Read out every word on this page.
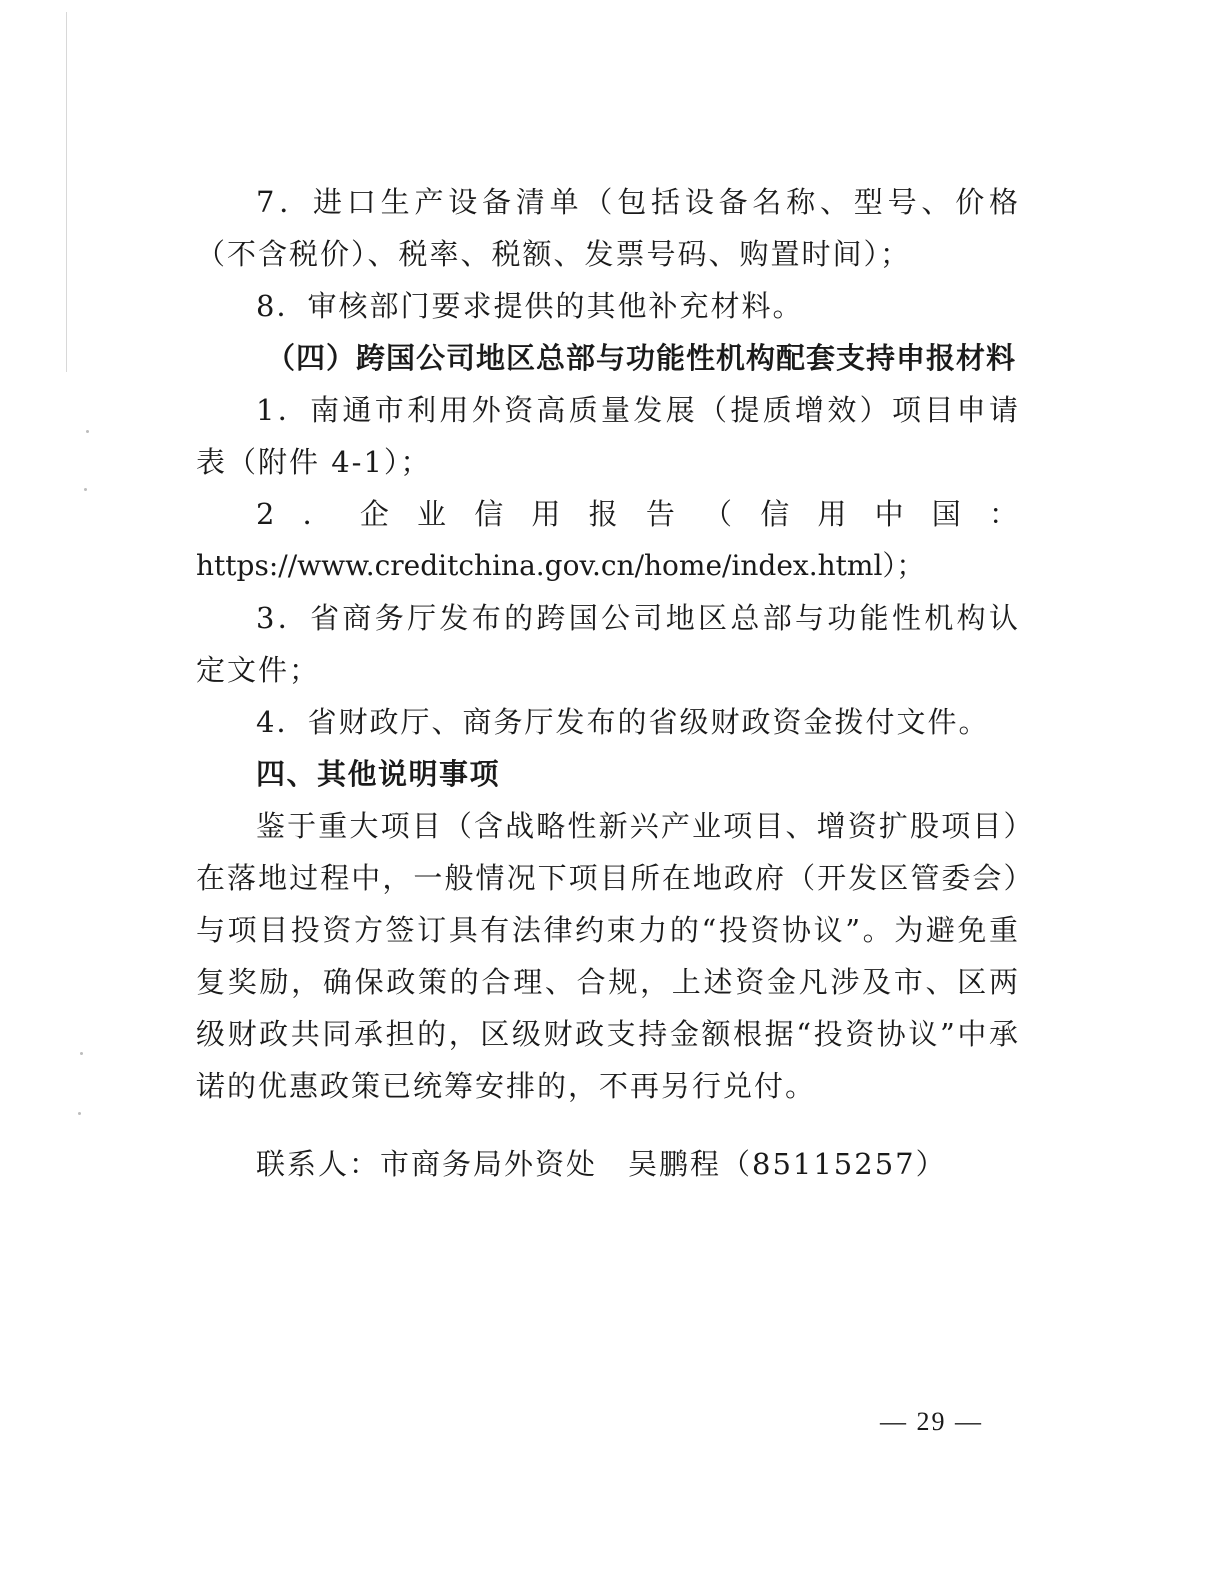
7．进口生产设备清单（包括设备名称、型号、价格（不含税价）、税率、税额、发票号码、购置时间）；

8．审核部门要求提供的其他补充材料。

（四）跨国公司地区总部与功能性机构配套支持申报材料

1．南通市利用外资高质量发展（提质增效）项目申请表（附件 4-1）；

2．企业信用报告（信用中国：

https://www.creditchina.gov.cn/home/index.html）；

3．省商务厅发布的跨国公司地区总部与功能性机构认定文件；

4．省财政厅、商务厅发布的省级财政资金拨付文件。

四、其他说明事项

鉴于重大项目（含战略性新兴产业项目、增资扩股项目）在落地过程中，一般情况下项目所在地政府（开发区管委会）与项目投资方签订具有法律约束力的“投资协议”。为避免重复奖励，确保政策的合理、合规，上述资金凡涉及市、区两级财政共同承担的，区级财政支持金额根据“投资协议”中承诺的优惠政策已统筹安排的，不再另行兑付。

联系人：市商务局外资处　吴鹏程（85115257）
— 29 —
